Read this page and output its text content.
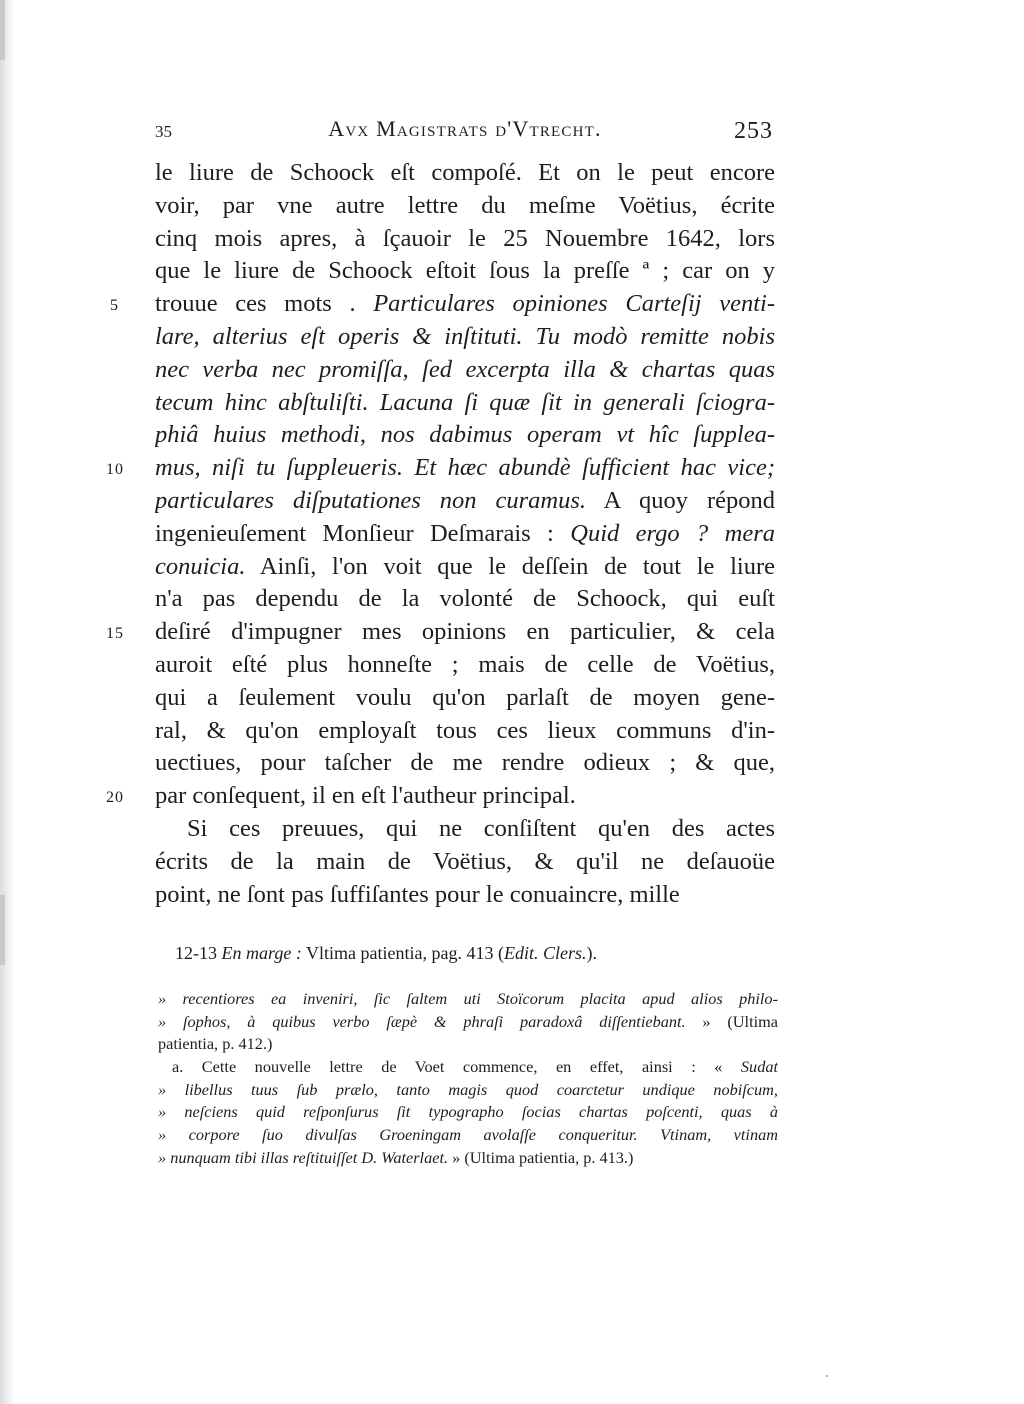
35	Avx Magistrats d'Vtrecht.	253
5
10
15
20
le liure de Schoock eſt compoſé. Et on le peut encore
voir, par vne autre lettre du meſme Voëtius, écrite
cinq mois apres, à ſçauoir le 25 Nouembre 1642, lors
que le liure de Schoock eſtoit ſous la preſſe ª ; car on y
trouue ces mots . Particulares opiniones Carteſij venti-
lare, alterius eſt operis & inſtituti. Tu modò remitte nobis
nec verba nec promiſſa, ſed excerpta illa & chartas quas
tecum hinc abſtuliſti. Lacuna ſi quæ ſit in generali ſciogra-
phiâ huius methodi, nos dabimus operam vt hîc ſupplea-
mus, niſi tu ſuppleueris. Et hæc abundè ſufficient hac vice;
particulares diſputationes non curamus. A quoy répond
ingenieuſement Monſieur Deſmarais : Quid ergo ? mera
conuicia. Ainſi, l'on voit que le deſſein de tout le liure
n'a pas dependu de la volonté de Schoock, qui euſt
deſiré d'impugner mes opinions en particulier, & cela
auroit eſté plus honneſte ; mais de celle de Voëtius,
qui a ſeulement voulu qu'on parlaſt de moyen gene-
ral, & qu'on employaſt tous ces lieux communs d'in-
uectiues, pour taſcher de me rendre odieux ; & que,
par conſequent, il en eſt l'autheur principal.
Si ces preuues, qui ne conſiſtent qu'en des actes
écrits de la main de Voëtius, & qu'il ne deſauoüe
point, ne ſont pas ſuffiſantes pour le conuaincre, mille
12-13 En marge : Vltima patientia, pag. 413 (Edit. Clers.).
» recentiores ea inveniri, ſic ſaltem uti Stoïcorum placita apud alios philo-
» ſophos, à quibus verbo ſæpè & phraſi paradoxâ diſſentiebant. » (Ultima
patientia, p. 412.)
a. Cette nouvelle lettre de Voet commence, en effet, ainsi : « Sudat
» libellus tuus ſub prælo, tanto magis quod coarctetur undique nobiſcum,
» neſciens quid reſponſurus ſit typographo ſocias chartas poſcenti, quas à
» corpore ſuo divulſas Groeningam avolaſſe conqueritur. Vtinam, vtinam
» nunquam tibi illas reſtituiſſet D. Waterlaet. » (Ultima patientia, p. 413.)
